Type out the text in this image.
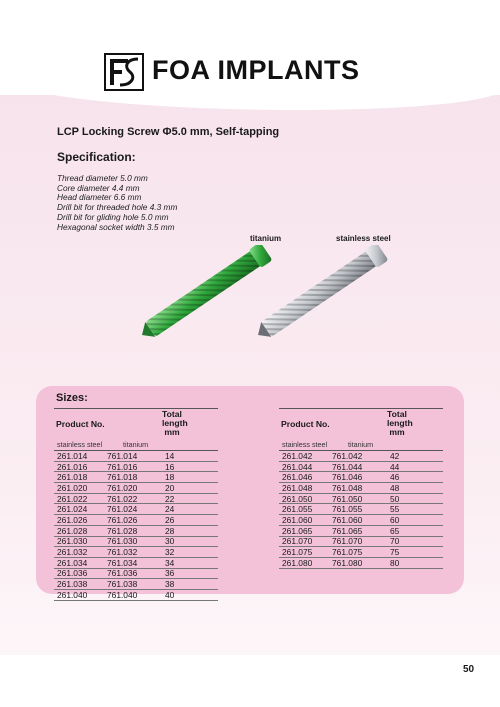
FOA IMPLANTS
LCP Locking Screw Φ5.0 mm, Self-tapping
Specification:
Thread diameter 5.0 mm
Core diameter 4.4 mm
Head diameter 6.6 mm
Drill bit for threaded hole 4.3 mm
Drill bit for gliding hole 5.0 mm
Hexagonal socket width 3.5 mm
titanium	stainless steel
Sizes:
Product No.
Total
length
mm
stainless steel	titanium
261.014	761.014	14
261.016	761.016	16
261.018	761.018	18
261.020	761.020	20
261.022	761.022	22
261.024	761.024	24
261.026	761.026	26
261.028	761.028	28
261.030	761.030	30
261.032	761.032	32
261.034	761.034	34
261.036	761.036	36
261.038	761.038	38
261.040	761.040	40
Product No.
Total
length
mm
stainless steel	titanium
261.042	761.042	42
261.044	761.044	44
261.046	761.046	46
261.048	761.048	48
261.050	761.050	50
261.055	761.055	55
261.060	761.060	60
261.065	761.065	65
261.070	761.070	70
261.075	761.075	75
261.080	761.080	80
50
